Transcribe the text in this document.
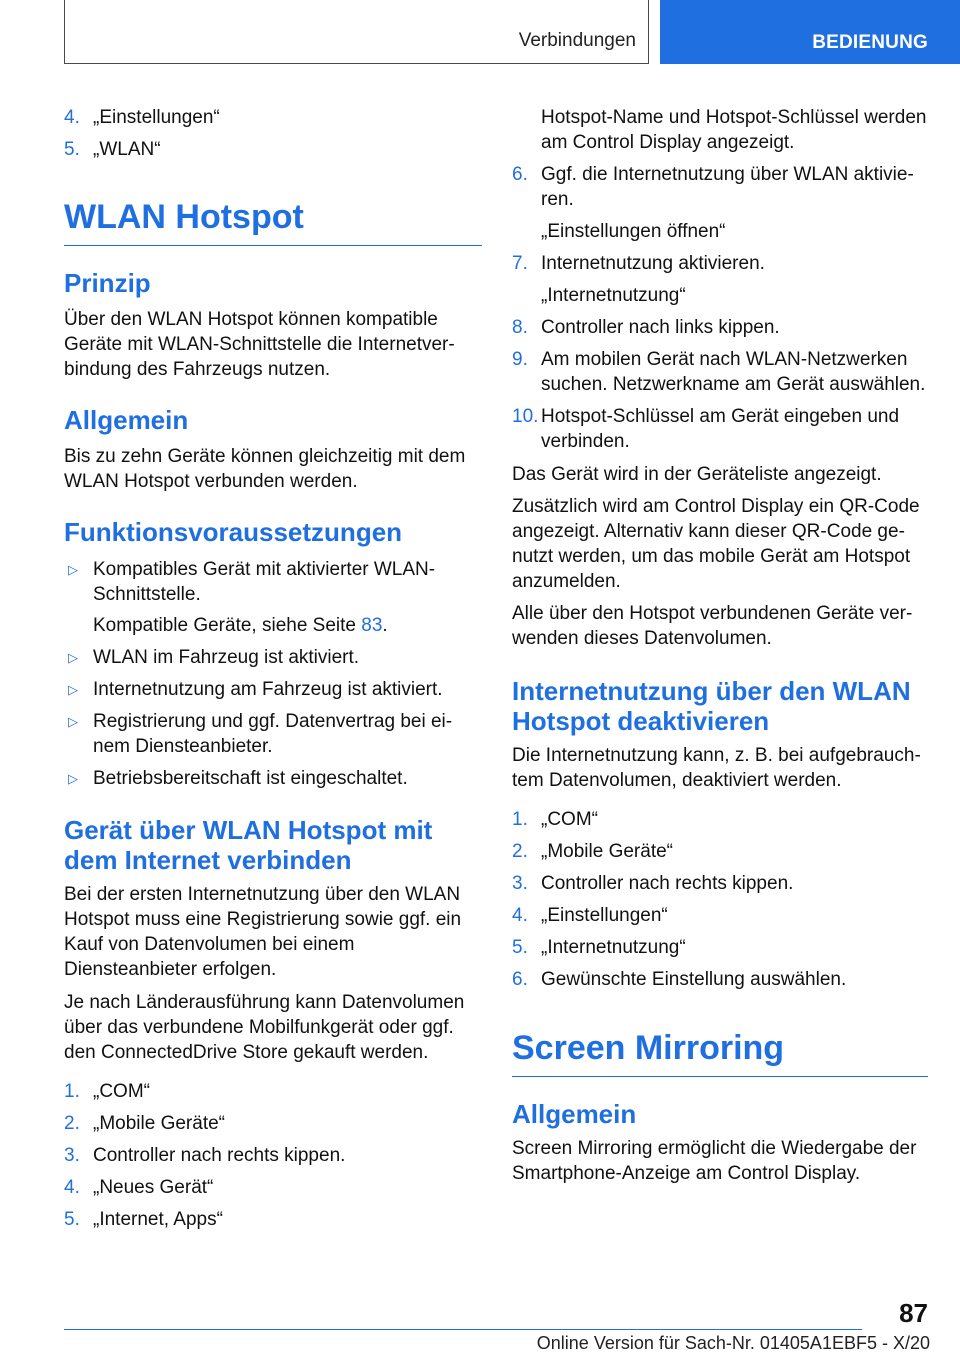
Verbindungen	BEDIENUNG
4. „Einstellungen“
5. „WLAN“
WLAN Hotspot
Prinzip

Über den WLAN Hotspot können kompatible Geräte mit WLAN-Schnittstelle die Internetverbindung des Fahrzeugs nutzen.

Allgemein

Bis zu zehn Geräte können gleichzeitig mit dem WLAN Hotspot verbunden werden.

Funktionsvoraussetzungen
▷ Kompatibles Gerät mit aktivierter WLAN-Schnittstelle.

Kompatible Geräte, siehe Seite 83.

▷ WLAN im Fahrzeug ist aktiviert.
▷ Internetnutzung am Fahrzeug ist aktiviert.
▷ Registrierung und ggf. Datenvertrag bei einem Diensteanbieter.
▷ Betriebsbereitschaft ist eingeschaltet.
Gerät über WLAN Hotspot mit dem Internet verbinden

Bei der ersten Internetnutzung über den WLAN Hotspot muss eine Registrierung sowie ggf. ein Kauf von Datenvolumen bei einem Diensteanbieter erfolgen.

Je nach Länderausführung kann Datenvolumen über das verbundene Mobilfunkgerät oder ggf. den ConnectedDrive Store gekauft werden.

1. „COM“
2. „Mobile Geräte“
3. Controller nach rechts kippen.
4. „Neues Gerät“
5. „Internet, Apps“

Hotspot-Name und Hotspot-Schlüssel werden am Control Display angezeigt.

6. Ggf. die Internetnutzung über WLAN aktivieren.

„Einstellungen öffnen“

7. Internetnutzung aktivieren.

„Internetnutzung“

8. Controller nach links kippen.
9. Am mobilen Gerät nach WLAN-Netzwerken suchen. Netzwerkname am Gerät auswählen.
10. Hotspot-Schlüssel am Gerät eingeben und verbinden.

Das Gerät wird in der Geräteliste angezeigt.

Zusätzlich wird am Control Display ein QR-Code angezeigt. Alternativ kann dieser QR-Code genutzt werden, um das mobile Gerät am Hotspot anzumelden.

Alle über den Hotspot verbundenen Geräte verwenden dieses Datenvolumen.

Internetnutzung über den WLAN Hotspot deaktivieren

Die Internetnutzung kann, z. B. bei aufgebrauchtem Datenvolumen, deaktiviert werden.

1. „COM“
2. „Mobile Geräte“
3. Controller nach rechts kippen.
4. „Einstellungen“
5. „Internetnutzung“
6. Gewünschte Einstellung auswählen.
Screen Mirroring
Allgemein

Screen Mirroring ermöglicht die Wiedergabe der Smartphone-Anzeige am Control Display.

87

Online Version für Sach-Nr. 01405A1EBF5 - X/20
